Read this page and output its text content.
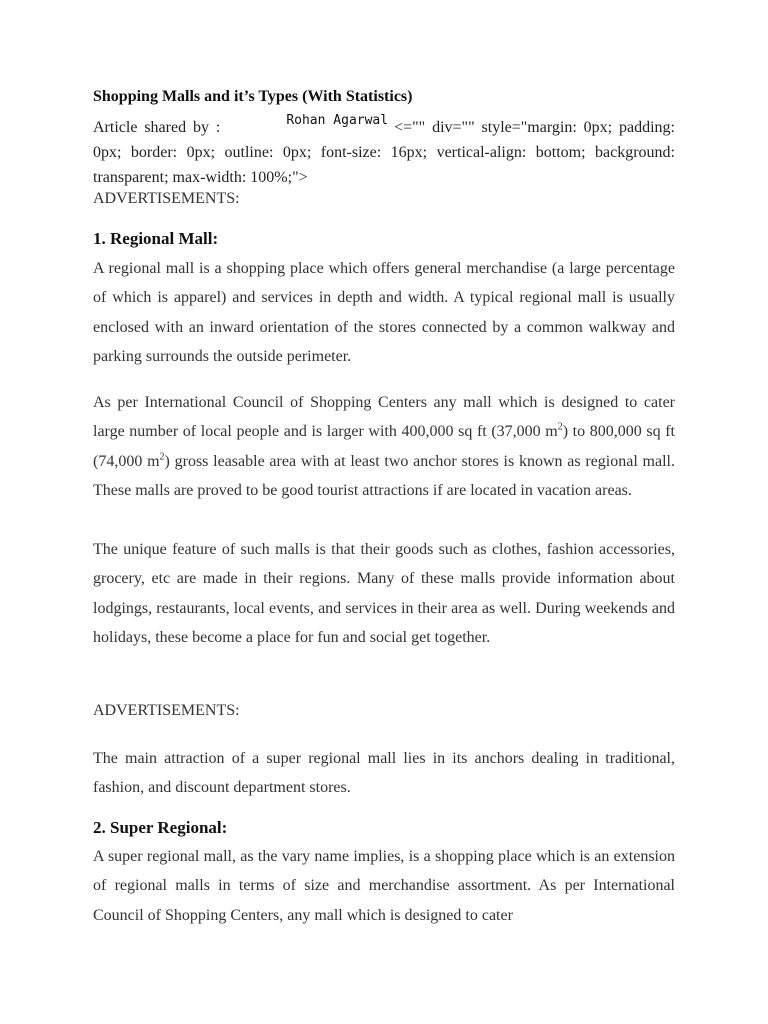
Shopping Malls and it’s Types (With Statistics)
Article shared by :	Rohan Agarwal <="" div="" style="margin: 0px; padding: 0px; border: 0px; outline: 0px; font-size: 16px; vertical-align: bottom; background: transparent; max-width: 100%;">
ADVERTISEMENTS:
1. Regional Mall:
A regional mall is a shopping place which offers general merchandise (a large percentage of which is apparel) and services in depth and width. A typical regional mall is usually enclosed with an inward orientation of the stores connected by a common walkway and parking surrounds the outside perimeter.
As per International Council of Shopping Centers any mall which is designed to cater large number of local people and is larger with 400,000 sq ft (37,000 $m^2$) to 800,000 sq ft (74,000 $m^2$) gross leasable area with at least two anchor stores is known as regional mall. These malls are proved to be good tourist attractions if are located in vacation areas.
The unique feature of such malls is that their goods such as clothes, fashion accessories, grocery, etc are made in their regions. Many of these malls provide information about lodgings, restaurants, local events, and services in their area as well. During weekends and holidays, these become a place for fun and social get together.
ADVERTISEMENTS:
The main attraction of a super regional mall lies in its anchors dealing in traditional, fashion, and discount department stores.
2. Super Regional:
A super regional mall, as the vary name implies, is a shopping place which is an extension of regional malls in terms of size and merchandise assortment. As per International Council of Shopping Centers, any mall which is designed to cater
